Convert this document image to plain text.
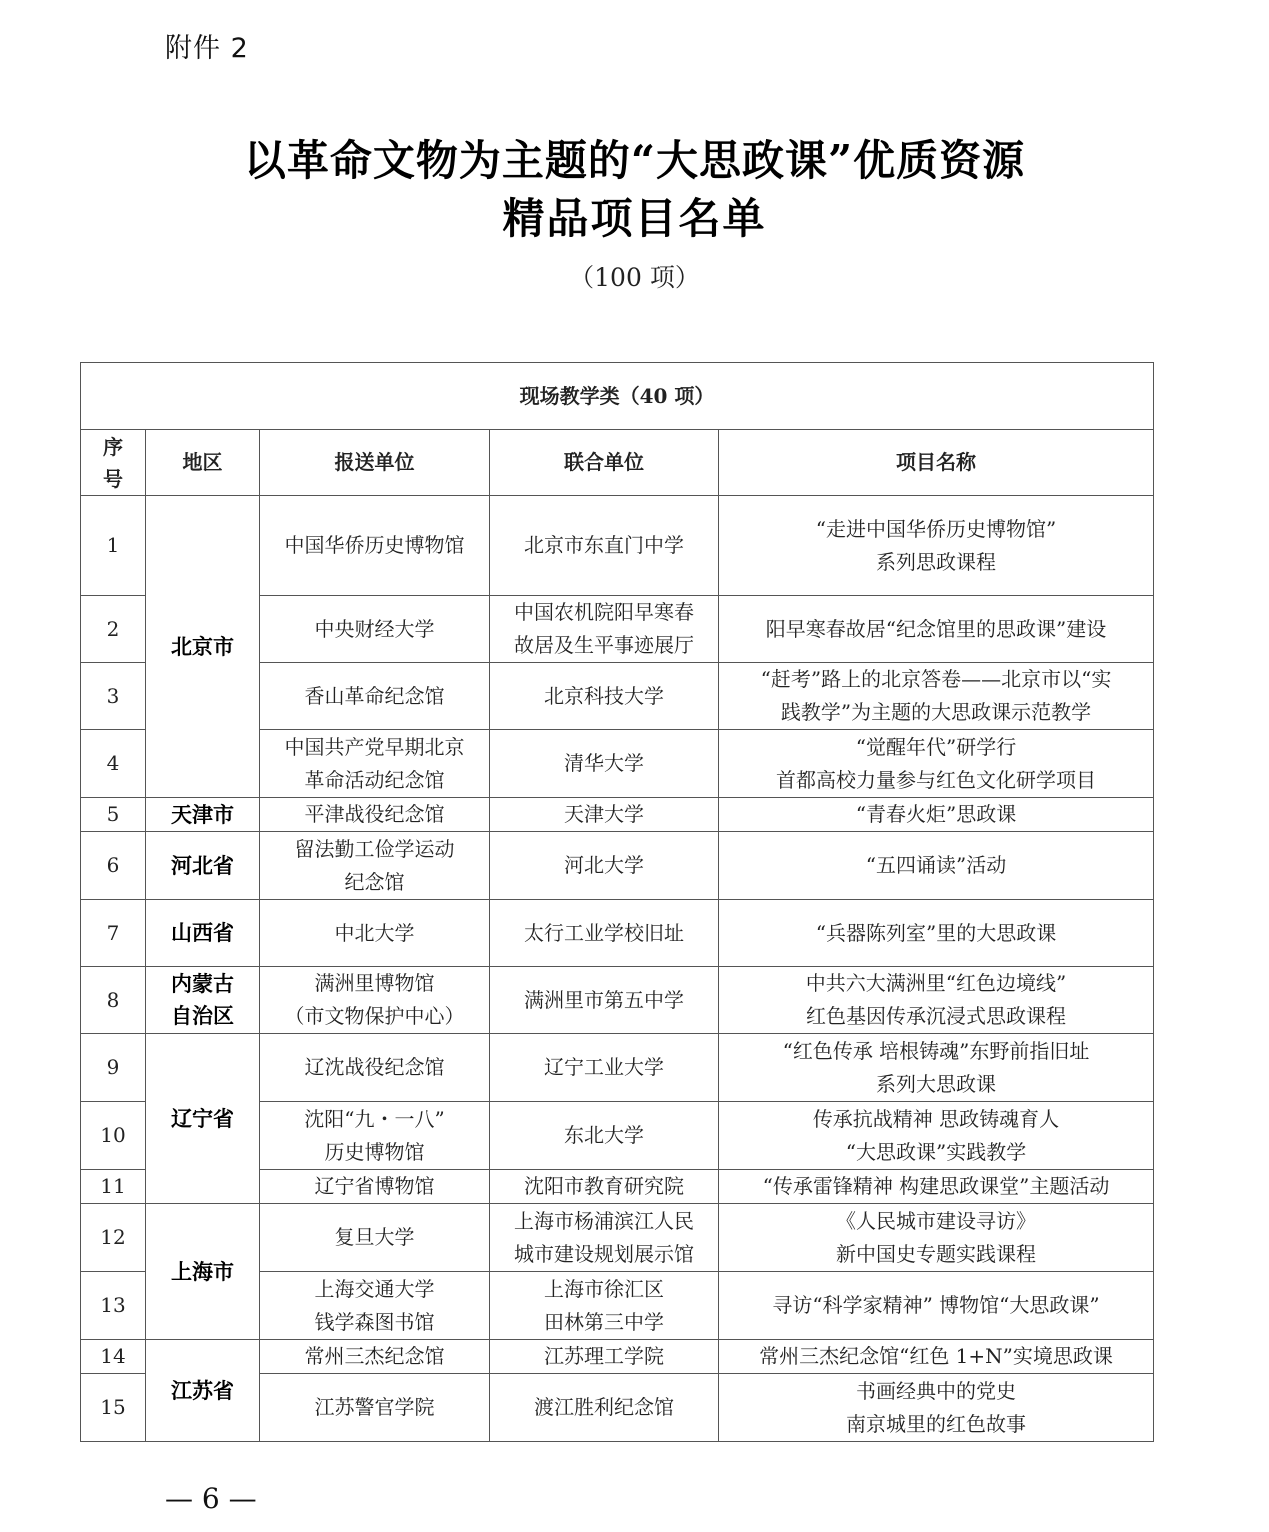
附件 2
以革命文物为主题的“大思政课”优质资源
精品项目名单
（100 项）
现场教学类（40 项）				
序
号	地区	报送单位	联合单位	项目名称
1	北京市	中国华侨历史博物馆	北京市东直门中学	“走进中国华侨历史博物馆”
系列思政课程
2		中央财经大学	中国农机院阳早寒春
故居及生平事迹展厅	阳早寒春故居“纪念馆里的思政课”建设
3		香山革命纪念馆	北京科技大学	“赶考”路上的北京答卷——北京市以“实
践教学”为主题的大思政课示范教学
4		中国共产党早期北京
革命活动纪念馆	清华大学	“觉醒年代”研学行
首都高校力量参与红色文化研学项目
5	天津市	平津战役纪念馆	天津大学	“青春火炬”思政课
6	河北省	留法勤工俭学运动
纪念馆	河北大学	“五四诵读”活动
7	山西省	中北大学	太行工业学校旧址	“兵器陈列室”里的大思政课
8	内蒙古
自治区	满洲里博物馆
（市文物保护中心）	满洲里市第五中学	中共六大满洲里“红色边境线”
红色基因传承沉浸式思政课程
9	辽宁省	辽沈战役纪念馆	辽宁工业大学	“红色传承 培根铸魂”东野前指旧址
系列大思政课
10		沈阳“九・一八”
历史博物馆	东北大学	传承抗战精神 思政铸魂育人
“大思政课”实践教学
11		辽宁省博物馆	沈阳市教育研究院	“传承雷锋精神 构建思政课堂”主题活动
12	上海市	复旦大学	上海市杨浦滨江人民
城市建设规划展示馆	《人民城市建设寻访》
新中国史专题实践课程
13		上海交通大学
钱学森图书馆	上海市徐汇区
田林第三中学	寻访“科学家精神” 博物馆“大思政课”
14	江苏省	常州三杰纪念馆	江苏理工学院	常州三杰纪念馆“红色 1+N”实境思政课
15		江苏警官学院	渡江胜利纪念馆	书画经典中的党史
南京城里的红色故事
— 6 —
